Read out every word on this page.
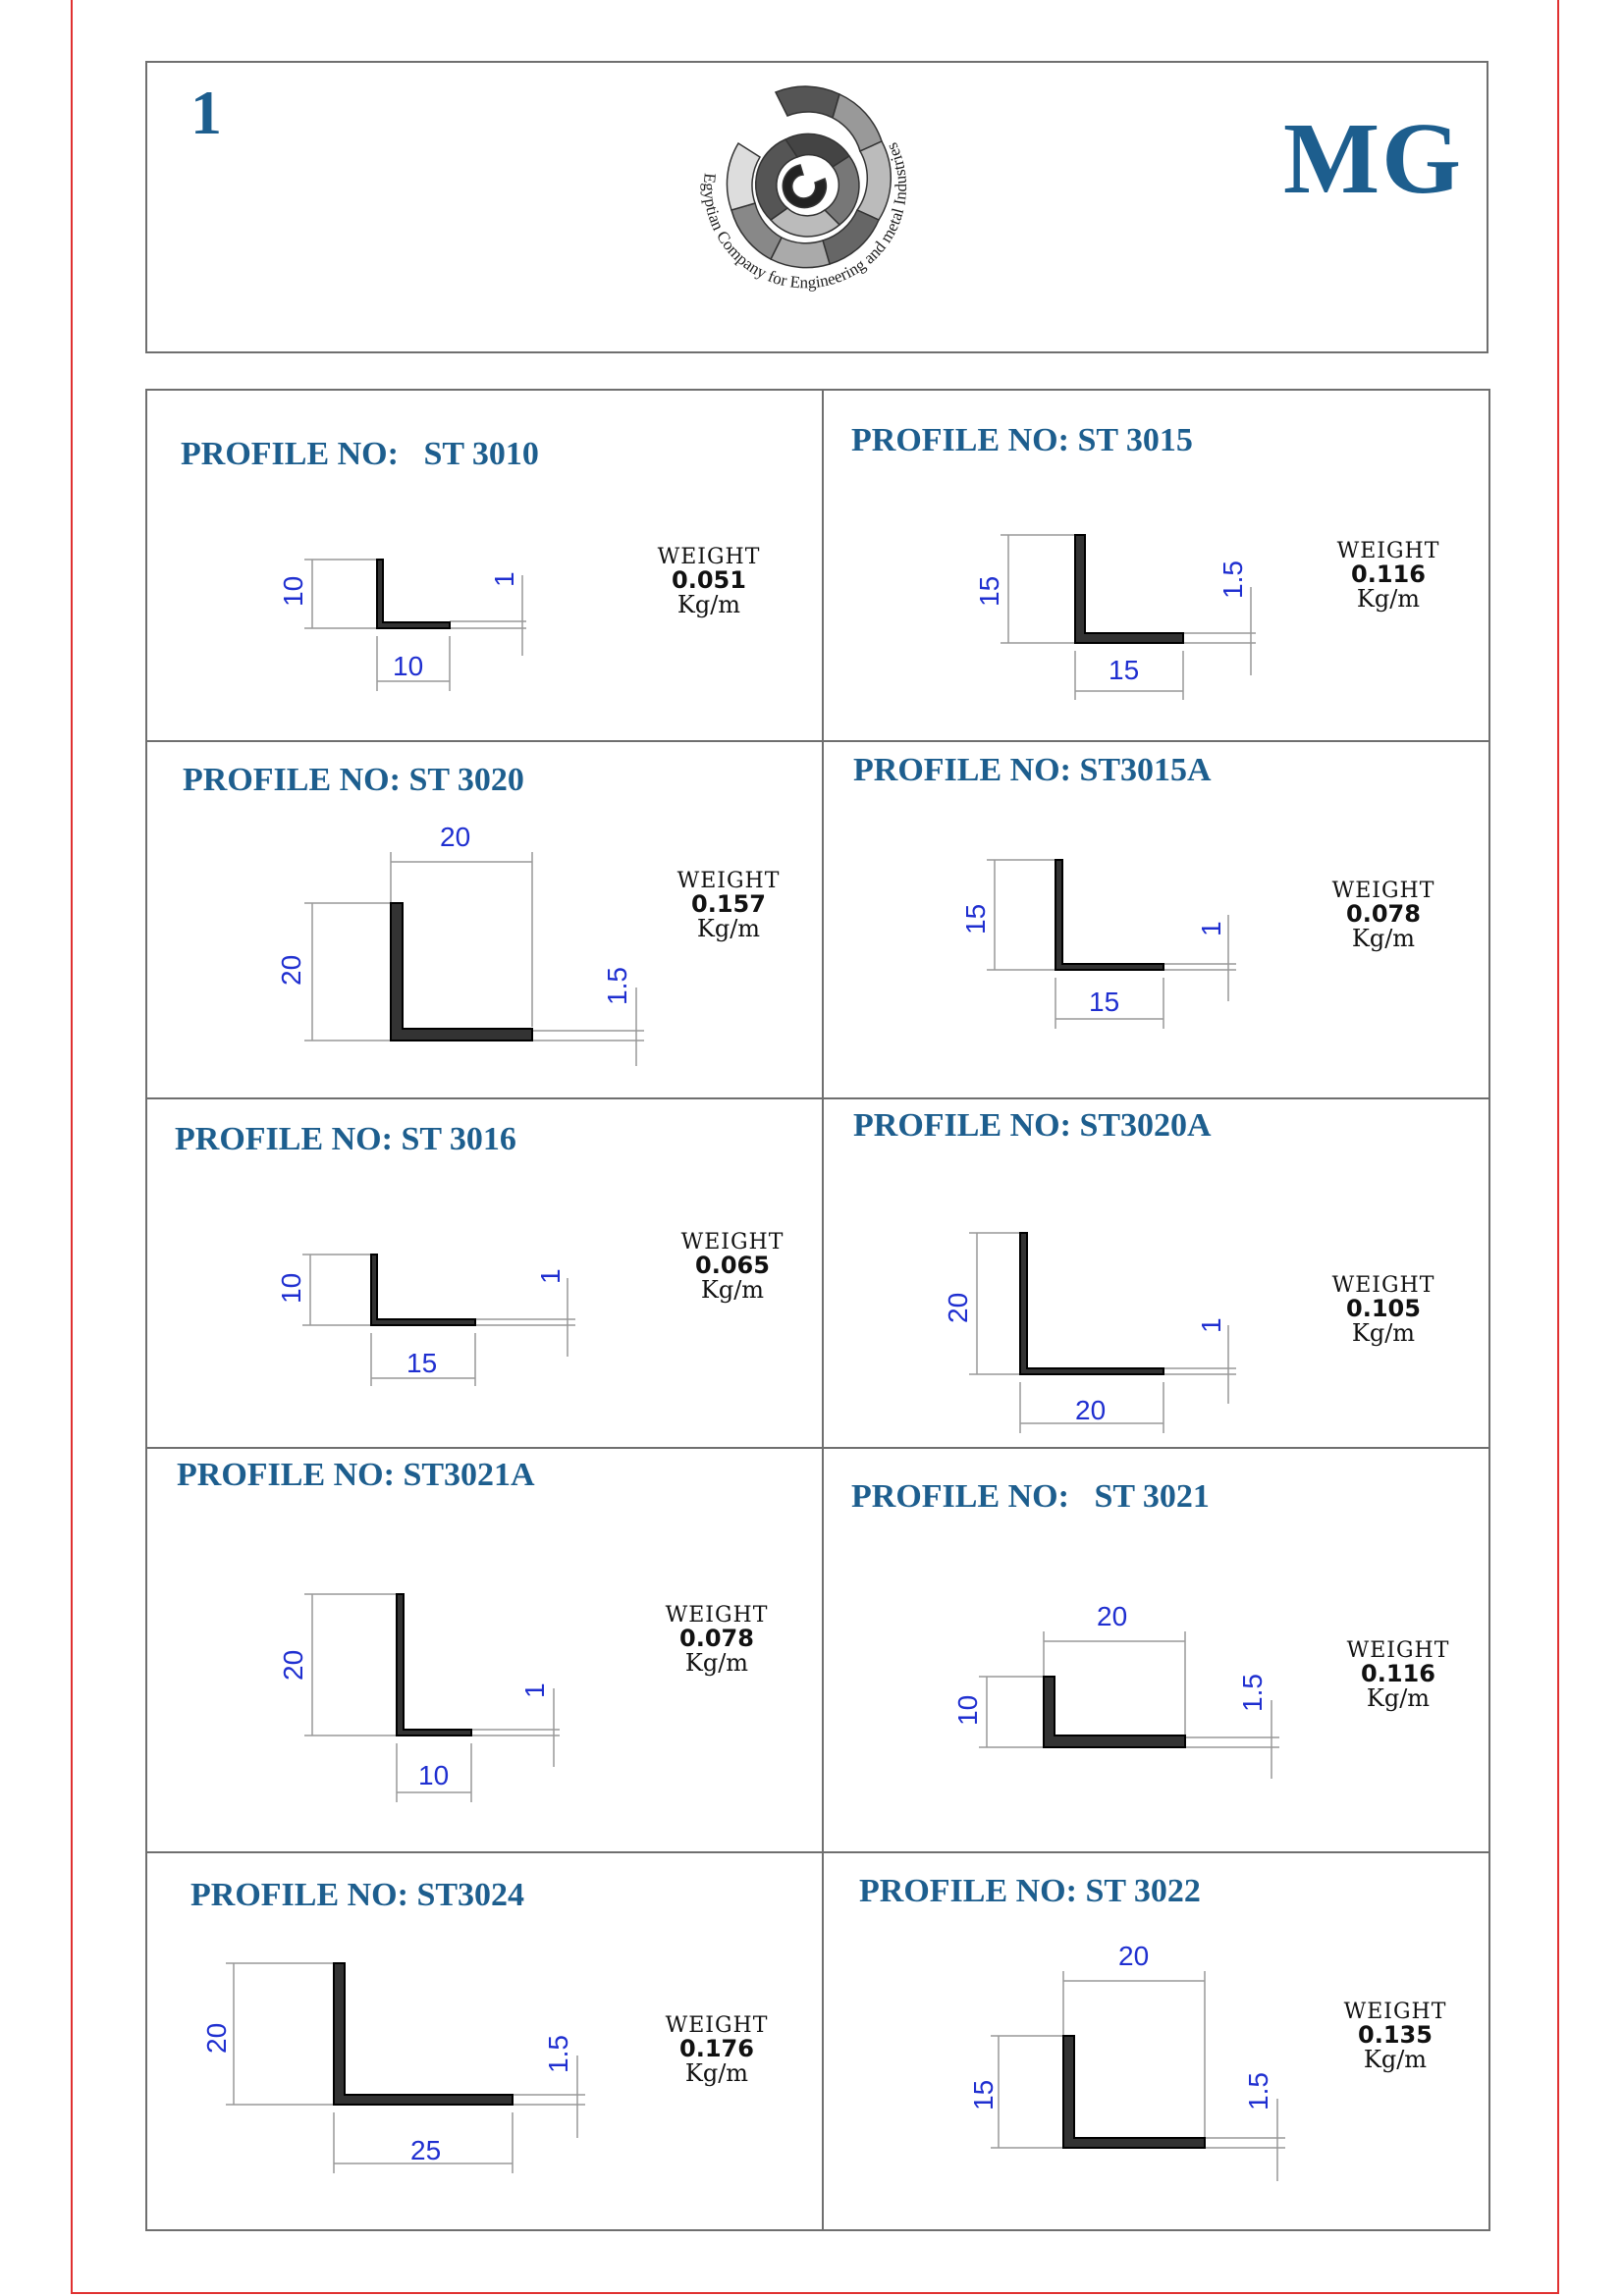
1
Egyptian Company for Engineering and metal Industries	MG
PROFILE NO:   ST 3010
10
10
1
WEIGHT
0.051
Kg/m
PROFILE NO: ST 3015
15
15
1.5
WEIGHT
0.116
Kg/m
PROFILE NO: ST 3020
20
20	1.5
WEIGHT
0.157
Kg/m
PROFILE NO: ST3015A
15
15
1
WEIGHT
0.078
Kg/m
PROFILE NO: ST 3016
10
15
1
WEIGHT
0.065
Kg/m
PROFILE NO: ST3020A
20
20
1
WEIGHT
0.105
Kg/m
PROFILE NO: ST3021A
20
10
1
WEIGHT
0.078
Kg/m
PROFILE NO:   ST 3021
20
10	1.5
WEIGHT
0.116
Kg/m
PROFILE NO: ST3024
20
25
1.5
WEIGHT
0.176
Kg/m
PROFILE NO: ST 3022
20
15	1.5
WEIGHT
0.135
Kg/m
